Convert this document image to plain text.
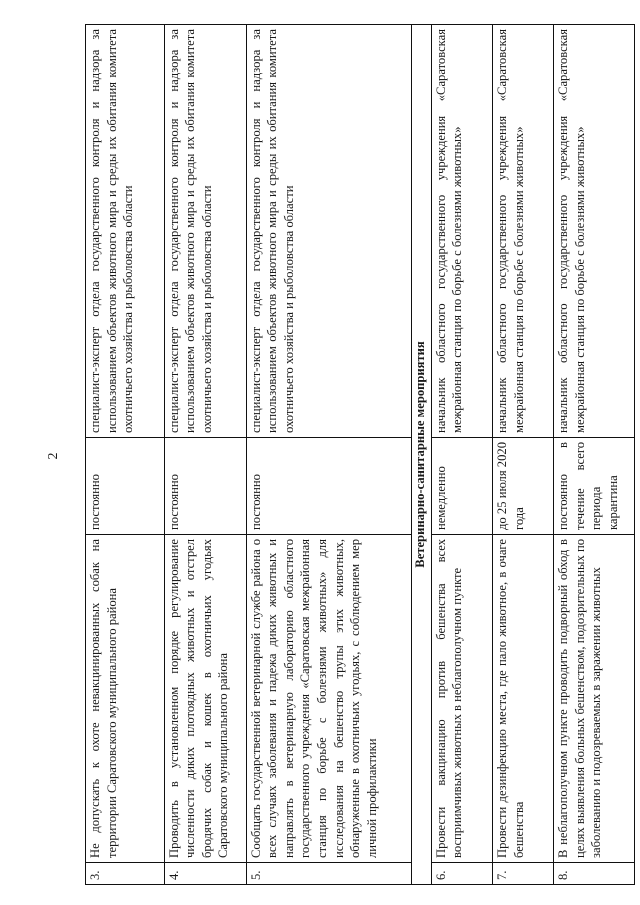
2
3.	Не допускать к охоте невакцинированных собак на территории Саратовского муниципального района	постоянно	специалист-эксперт отдела государственного контроля и надзора за использованием объектов животного мира и среды их обитания комитета охотничьего хозяйства и рыболовства области
4.	Проводить в установленном порядке регулирование численности диких плотоядных животных и отстрел бродячих собак и кошек в охотничьих угодьях Саратовского муниципального района	постоянно	специалист-эксперт отдела государственного контроля и надзора за использованием объектов животного мира и среды их обитания комитета охотничьего хозяйства и рыболовства области
5.	Сообщать государственной ветеринарной службе района о всех случаях заболевания и падежа диких животных и направлять в ветеринарную лабораторию областного государственного учреждения «Саратовская межрайонная станция по борьбе с болезнями животных» для исследования на бешенство трупы этих животных, обнаруженные в охотничьих угодьях, с соблюдением мер личной профилактики	постоянно	специалист-эксперт отдела государственного контроля и надзора за использованием объектов животного мира и среды их обитания комитета охотничьего хозяйства и рыболовства области
Ветеринарно-санитарные мероприятия			
6.	Провести вакцинацию против бешенства всех восприимчивых животных в неблагополучном пункте	немедленно	начальник областного государственного учреждения «Саратовская межрайонная станция по борьбе с болезнями животных»
7.	Провести дезинфекцию места, где пало животное, в очаге бешенства	до 25 июля 2020 года	начальник областного государственного учреждения «Саратовская межрайонная станция по борьбе с болезнями животных»
8.	В неблагополучном пункте проводить подворный обход в целях выявления больных бешенством, подозрительных по заболеванию и подозреваемых в заражении животных	постоянно в течение всего периода карантина	начальник областного государственного учреждения «Саратовская межрайонная станция по борьбе с болезнями животных»
